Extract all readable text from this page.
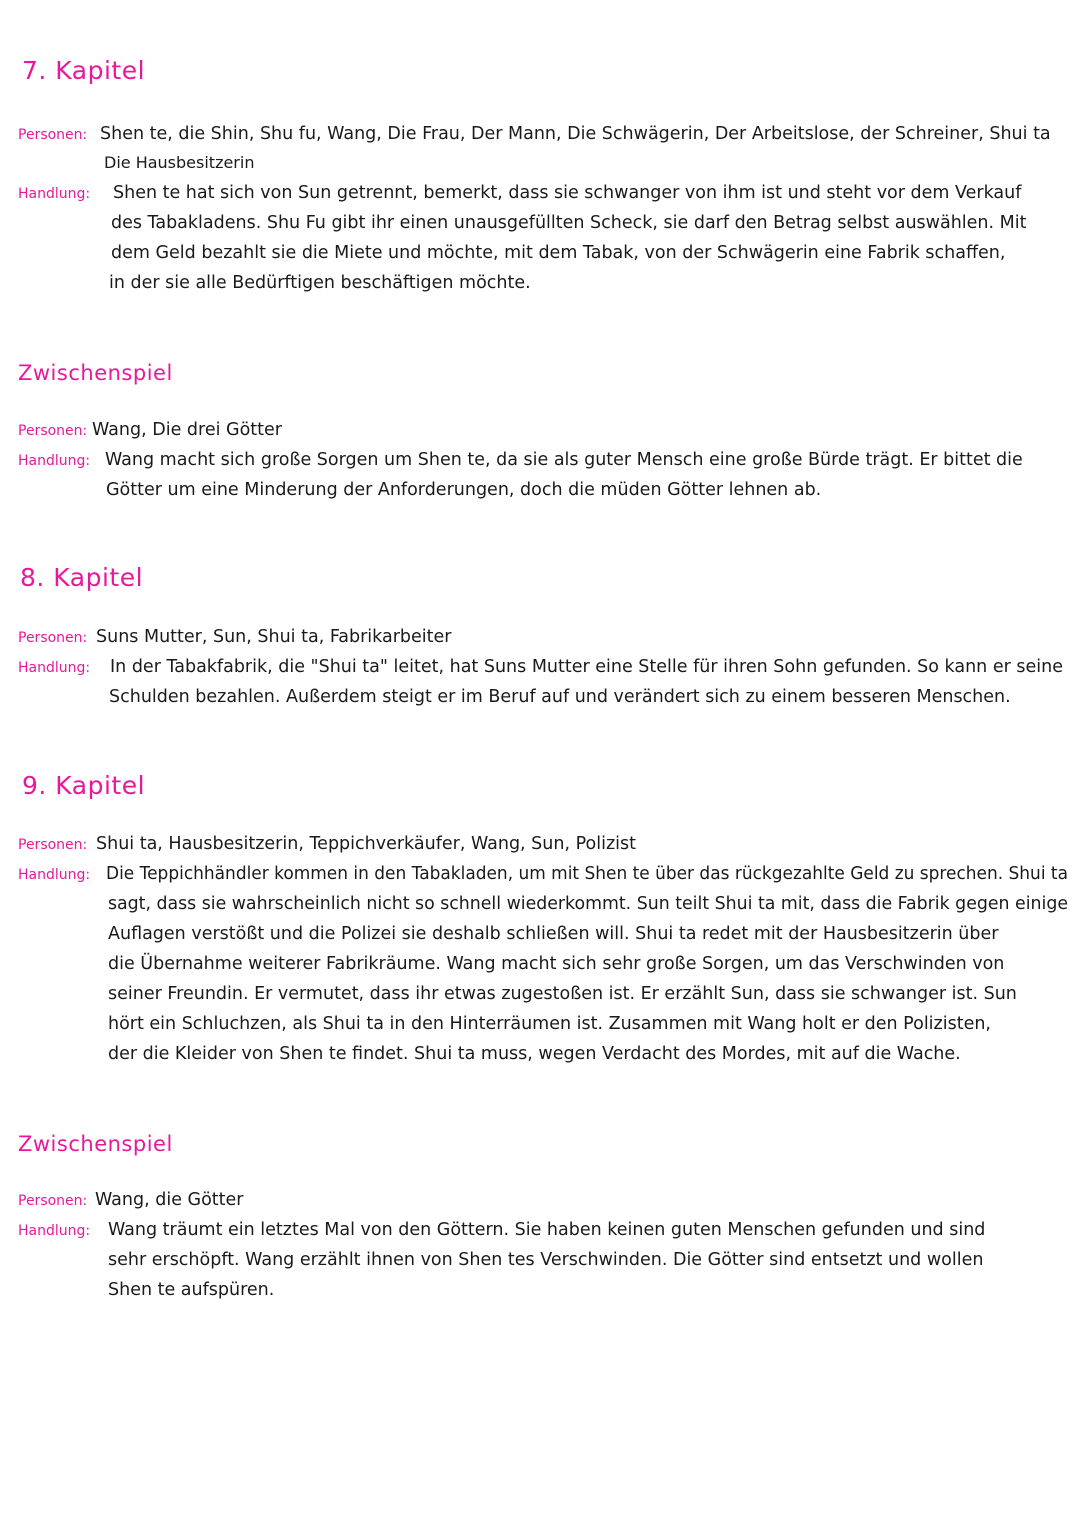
7. Kapitel
Personen: Shen te, die Shin, Shu fu, Wang, Die Frau, Der Mann, Die Schwägerin, Der Arbeitslose, der Schreiner, Shui ta
Die Hausbesitzerin
Handlung: Shen te hat sich von Sun getrennt, bemerkt, dass sie schwanger von ihm ist und steht vor dem Verkauf
des Tabakladens. Shu Fu gibt ihr einen unausgefüllten Scheck, sie darf den Betrag selbst auswählen. Mit
dem Geld bezahlt sie die Miete und möchte, mit dem Tabak, von der Schwägerin eine Fabrik schaffen,
in der sie alle Bedürftigen beschäftigen möchte.
Zwischenspiel
Personen: Wang, Die drei Götter
Handlung: Wang macht sich große Sorgen um Shen te, da sie als guter Mensch eine große Bürde trägt. Er bittet die
Götter um eine Minderung der Anforderungen, doch die müden Götter lehnen ab.
8. Kapitel
Personen: Suns Mutter, Sun, Shui ta, Fabrikarbeiter
Handlung: In der Tabakfabrik, die "Shui ta" leitet, hat Suns Mutter eine Stelle für ihren Sohn gefunden. So kann er seine
Schulden bezahlen. Außerdem steigt er im Beruf auf und verändert sich zu einem besseren Menschen.
9. Kapitel
Personen: Shui ta, Hausbesitzerin, Teppichverkäufer, Wang, Sun, Polizist
Handlung: Die Teppichhändler kommen in den Tabakladen, um mit Shen te über das rückgezahlte Geld zu sprechen. Shui ta
sagt, dass sie wahrscheinlich nicht so schnell wiederkommt. Sun teilt Shui ta mit, dass die Fabrik gegen einige
Auflagen verstößt und die Polizei sie deshalb schließen will. Shui ta redet mit der Hausbesitzerin über
die Übernahme weiterer Fabrikräume. Wang macht sich sehr große Sorgen, um das Verschwinden von
seiner Freundin. Er vermutet, dass ihr etwas zugestoßen ist. Er erzählt Sun, dass sie schwanger ist. Sun
hört ein Schluchzen, als Shui ta in den Hinterräumen ist. Zusammen mit Wang holt er den Polizisten,
der die Kleider von Shen te findet. Shui ta muss, wegen Verdacht des Mordes, mit auf die Wache.
Zwischenspiel
Personen: Wang, die Götter
Handlung: Wang träumt ein letztes Mal von den Göttern. Sie haben keinen guten Menschen gefunden und sind
sehr erschöpft. Wang erzählt ihnen von Shen tes Verschwinden. Die Götter sind entsetzt und wollen
Shen te aufspüren.
